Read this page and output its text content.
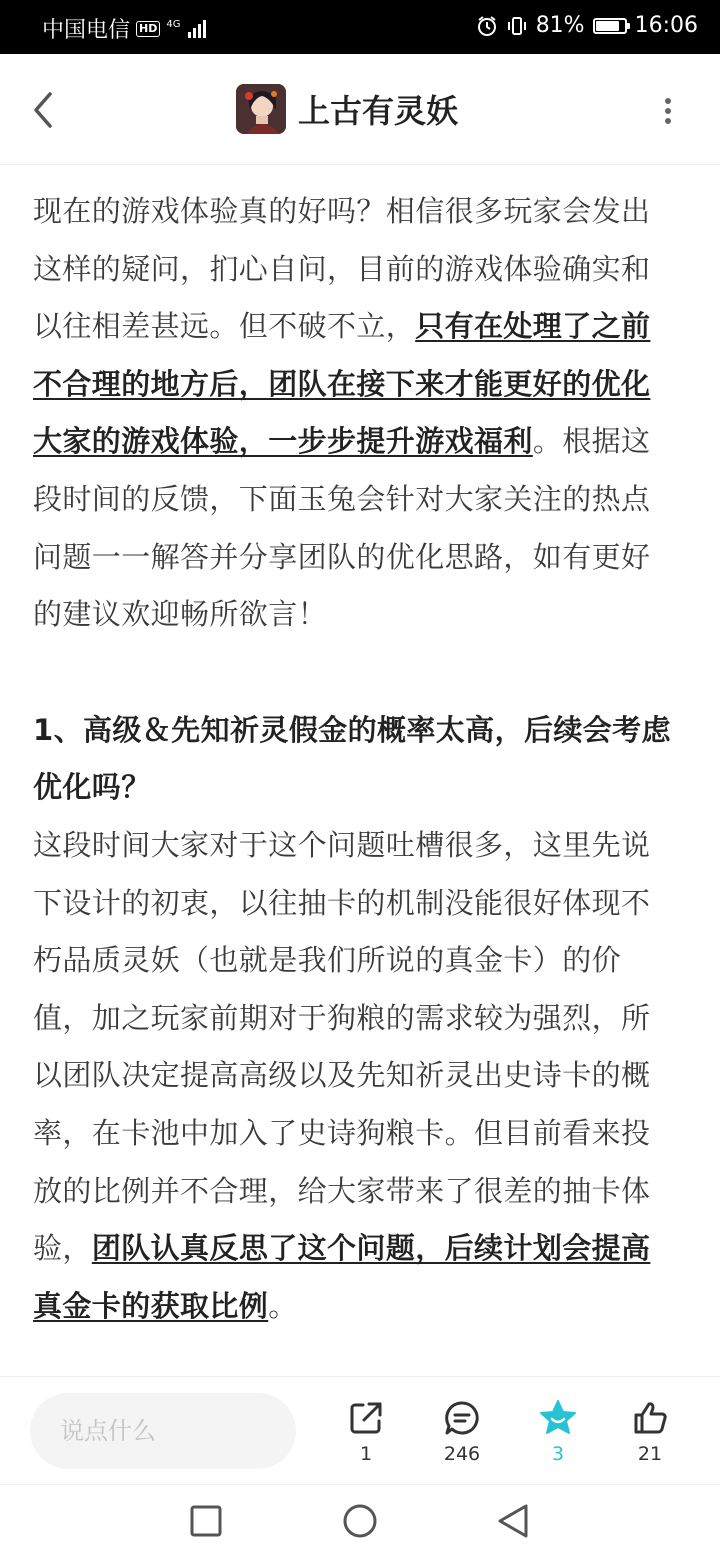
中国电信 HD 4G	81% 16:06
上古有灵妖

现在的游戏体验真的好吗？相信很多玩家会发出这样的疑问，扪心自问，目前的游戏体验确实和以往相差甚远。但不破不立，只有在处理了之前不合理的地方后，团队在接下来才能更好的优化大家的游戏体验，一步步提升游戏福利。根据这段时间的反馈，下面玉兔会针对大家关注的热点问题一一解答并分享团队的优化思路，如有更好的建议欢迎畅所欲言！

1、高级＆先知祈灵假金的概率太高，后续会考虑优化吗？

这段时间大家对于这个问题吐槽很多，这里先说下设计的初衷，以往抽卡的机制没能很好体现不朽品质灵妖（也就是我们所说的真金卡）的价值，加之玩家前期对于狗粮的需求较为强烈，所以团队决定提高高级以及先知祈灵出史诗卡的概率，在卡池中加入了史诗狗粮卡。但目前看来投放的比例并不合理，给大家带来了很差的抽卡体验，团队认真反思了这个问题，后续计划会提高真金卡的获取比例。

说点什么
1	246	3	21
